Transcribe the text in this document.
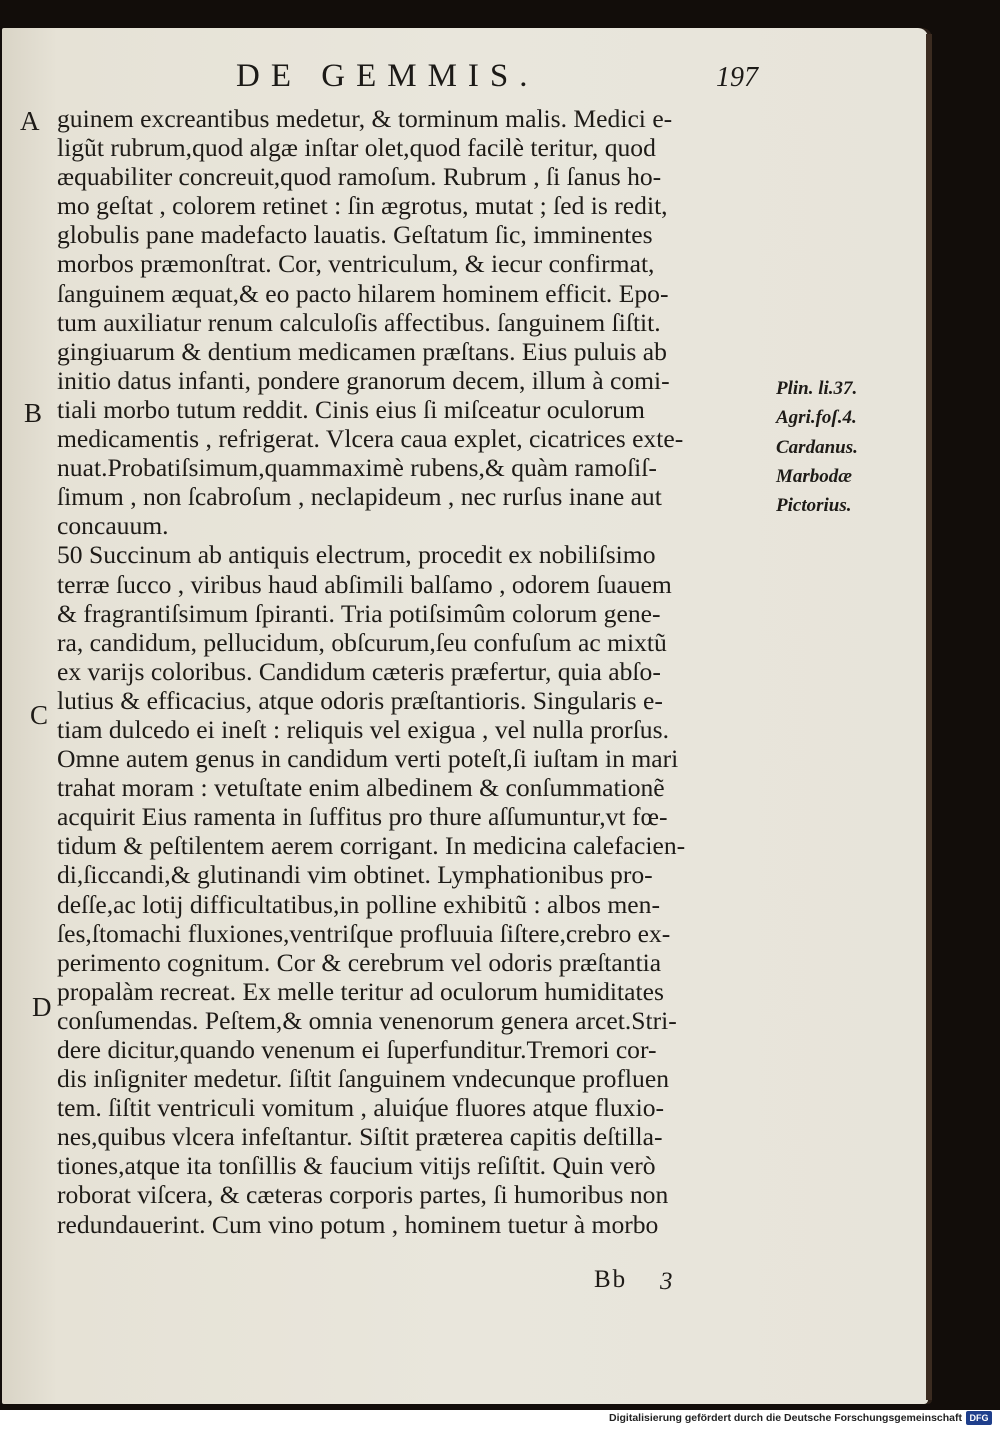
DE GEMMIS.	197
A
B
C
D
guinem excreantibus medetur, & torminum malis. Medici e-
ligũt rubrum,quod algæ inſtar olet,quod facilè teritur, quod
æquabiliter concreuit,quod ramoſum. Rubrum , ſi ſanus ho-
mo geſtat , colorem retinet : ſin ægrotus, mutat ; ſed is redit,
globulis pane madefacto lauatis. Geſtatum ſic, imminentes
morbos præmonſtrat. Cor, ventriculum, & iecur confirmat,
ſanguinem æquat,& eo pacto hilarem hominem efficit. Epo-
tum auxiliatur renum calculoſis affectibus. ſanguinem ſiſtit.
gingiuarum & dentium medicamen præſtans. Eius puluis ab
initio datus infanti, pondere granorum decem, illum à comi-
tiali morbo tutum reddit. Cinis eius ſi miſceatur oculorum
medicamentis , refrigerat. Vlcera caua explet, cicatrices exte-
nuat.Probatiſsimum,quammaximè rubens,& quàm ramoſiſ-
ſimum , non ſcabroſum , neclapideum , nec rurſus inane aut
concauum.
50 Succinum ab antiquis electrum, procedit ex nobiliſsimo
terræ ſucco , viribus haud abſimili balſamo , odorem ſuauem
& fragrantiſsimum ſpiranti. Tria potiſsimûm colorum gene-
ra, candidum, pellucidum, obſcurum,ſeu confuſum ac mixtũ
ex varijs coloribus. Candidum cæteris præfertur, quia abſo-
lutius & efficacius, atque odoris præſtantioris. Singularis e-
tiam dulcedo ei ineſt : reliquis vel exigua , vel nulla prorſus.
Omne autem genus in candidum verti poteſt,ſi iuſtam in mari
trahat moram : vetuſtate enim albedinem & conſummationẽ
acquirit Eius ramenta in ſuffitus pro thure aſſumuntur,vt fœ-
tidum & peſtilentem aerem corrigant. In medicina calefacien-
di,ſiccandi,& glutinandi vim obtinet. Lymphationibus pro-
deſſe,ac lotij difficultatibus,in polline exhibitũ : albos men-
ſes,ſtomachi fluxiones,ventriſque profluuia ſiſtere,crebro ex-
perimento cognitum. Cor & cerebrum vel odoris præſtantia
propalàm recreat. Ex melle teritur ad oculorum humiditates
conſumendas. Peſtem,& omnia venenorum genera arcet.Stri-
dere dicitur,quando venenum ei ſuperfunditur.Tremori cor-
dis inſigniter medetur. ſiſtit ſanguinem vndecunque profluen
tem. ſiſtit ventriculi vomitum , aluiq́ue fluores atque fluxio-
nes,quibus vlcera infeſtantur. Siſtit præterea capitis deſtilla-
tiones,atque ita tonſillis & faucium vitijs reſiſtit. Quin verò
roborat viſcera, & cæteras corporis partes, ſi humoribus non
redundauerint. Cum vino potum , hominem tuetur à morbo
Plin. li.37.
Agri.foſ.4.
Cardanus.
Marbodæ
Pictorius.
Bb 3
Digitalisierung gefördert durch die Deutsche Forschungsgemeinschaft DFG
